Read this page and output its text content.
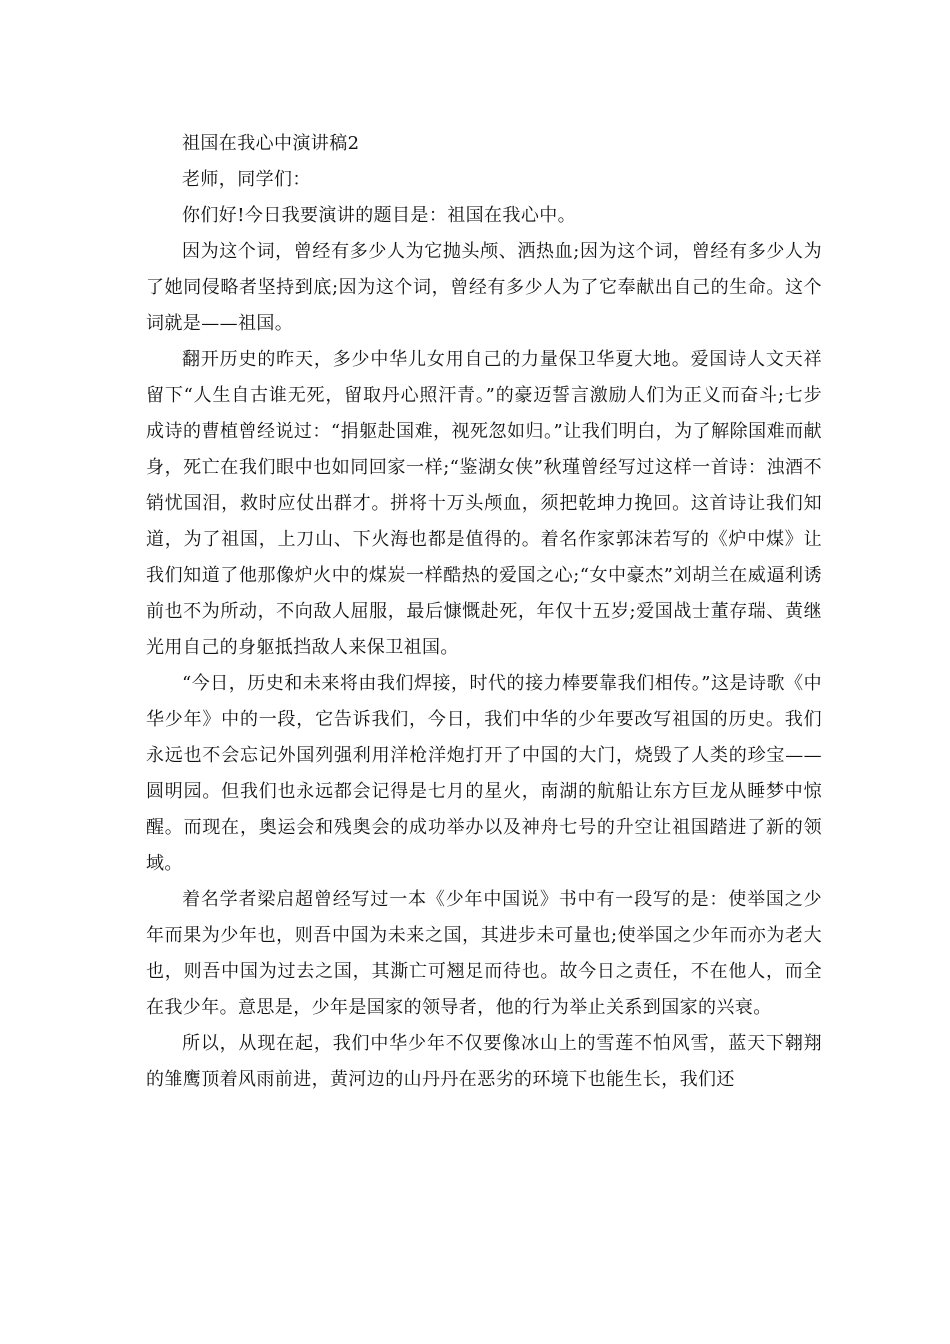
祖国在我心中演讲稿2

老师，同学们：

你们好!今日我要演讲的题目是：祖国在我心中。

因为这个词，曾经有多少人为它抛头颅、洒热血;因为这个词，曾经有多少人为了她同侵略者坚持到底;因为这个词，曾经有多少人为了它奉献出自己的生命。这个词就是——祖国。

翻开历史的昨天，多少中华儿女用自己的力量保卫华夏大地。爱国诗人文天祥留下“人生自古谁无死，留取丹心照汗青。”的豪迈誓言激励人们为正义而奋斗;七步成诗的曹植曾经说过：“捐躯赴国难，视死忽如归。”让我们明白，为了解除国难而献身，死亡在我们眼中也如同回家一样;“鉴湖女侠”秋瑾曾经写过这样一首诗：浊酒不销忧国泪，救时应仗出群才。拼将十万头颅血，须把乾坤力挽回。这首诗让我们知道，为了祖国，上刀山、下火海也都是值得的。着名作家郭沫若写的《炉中煤》让我们知道了他那像炉火中的煤炭一样酷热的爱国之心;“女中豪杰”刘胡兰在威逼利诱前也不为所动，不向敌人屈服，最后慷慨赴死，年仅十五岁;爱国战士董存瑞、黄继光用自己的身躯抵挡敌人来保卫祖国。

“今日，历史和未来将由我们焊接，时代的接力棒要靠我们相传。”这是诗歌《中华少年》中的一段，它告诉我们，今日，我们中华的少年要改写祖国的历史。我们永远也不会忘记外国列强利用洋枪洋炮打开了中国的大门，烧毁了人类的珍宝——圆明园。但我们也永远都会记得是七月的星火，南湖的航船让东方巨龙从睡梦中惊醒。而现在，奥运会和残奥会的成功举办以及神舟七号的升空让祖国踏进了新的领域。

着名学者梁启超曾经写过一本《少年中国说》书中有一段写的是：使举国之少年而果为少年也，则吾中国为未来之国，其进步未可量也;使举国之少年而亦为老大也，则吾中国为过去之国，其澌亡可翘足而待也。故今日之责任，不在他人，而全在我少年。意思是，少年是国家的领导者，他的行为举止关系到国家的兴衰。

所以，从现在起，我们中华少年不仅要像冰山上的雪莲不怕风雪，蓝天下翱翔的雏鹰顶着风雨前进，黄河边的山丹丹在恶劣的环境下也能生长，我们还
